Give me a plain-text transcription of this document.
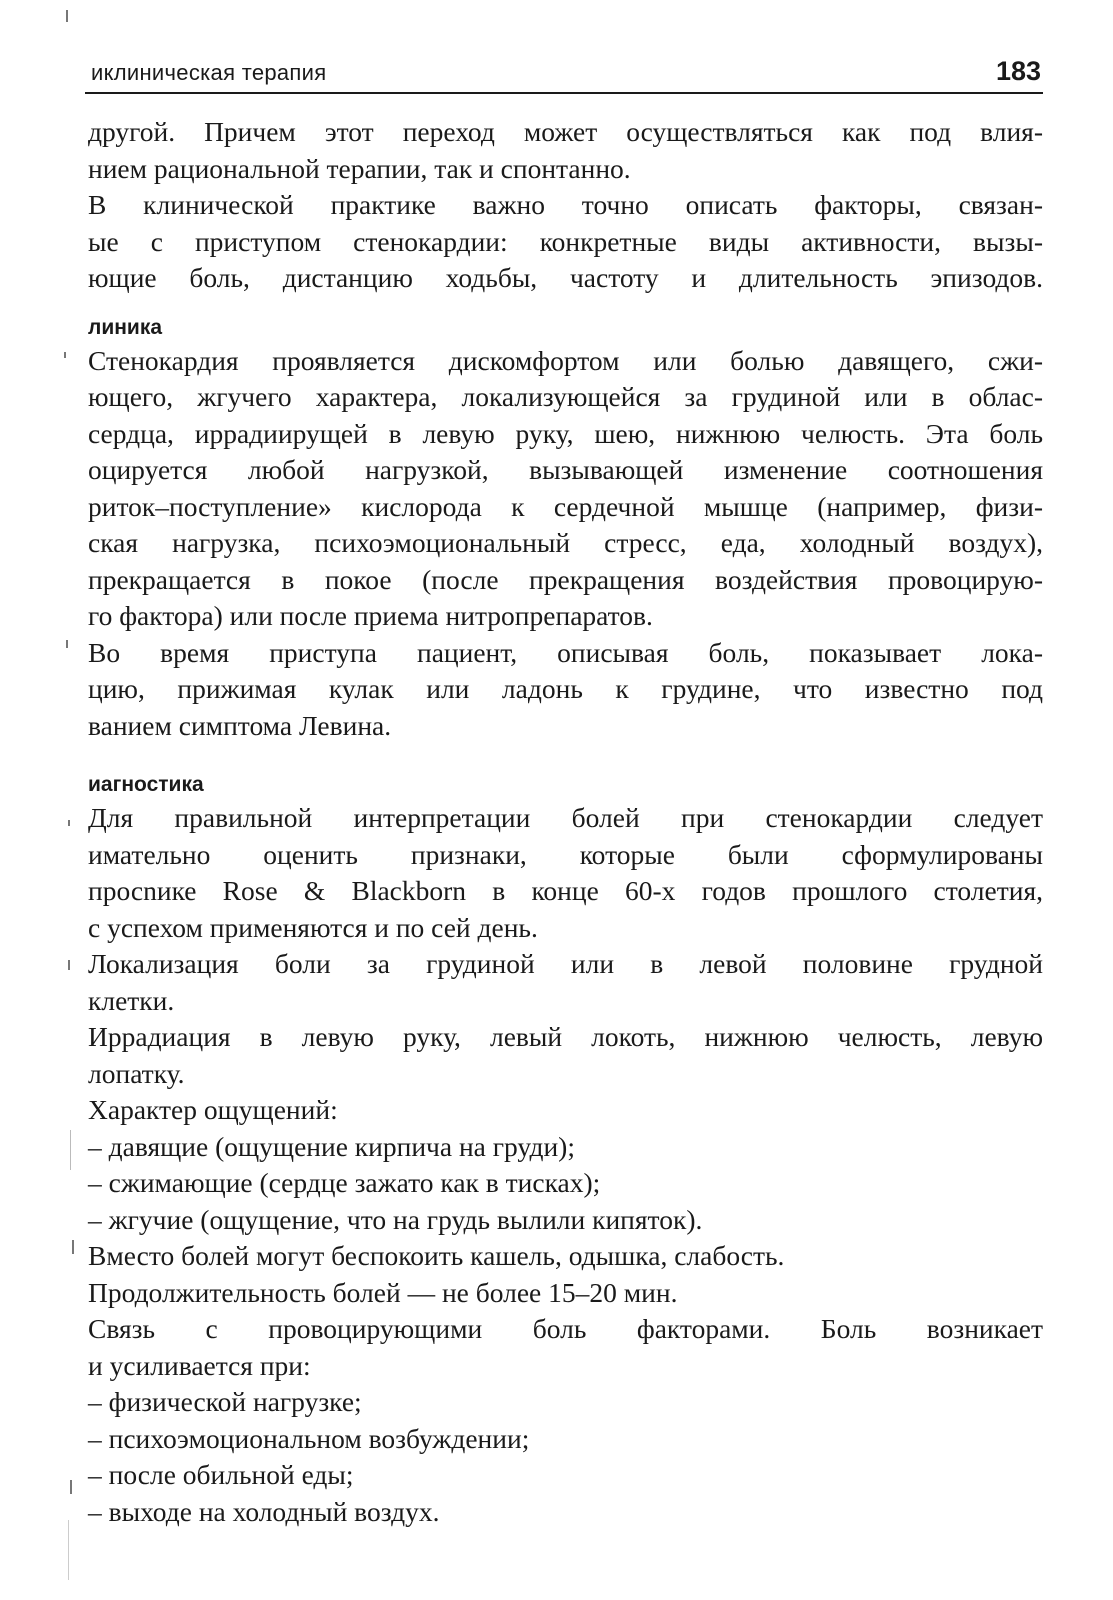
иклиническая терапия	183
другой. Причем этот переход может осуществляться как под влия-
нием рациональной терапии, так и спонтанно.
В клинической практике важно точно описать факторы, связан-
ые с приступом стенокардии: конкретные виды активности, вызы-
ющие боль, дистанцию ходьбы, частоту и длительность эпизодов.
линика
Стенокардия проявляется дискомфортом или болью давящего, сжи-
ющего, жгучего характера, локализующейся за грудиной или в облас-
сердца, иррадиирущей в левую руку, шею, нижнюю челюсть. Эта боль
оцируется любой нагрузкой, вызывающей изменение соотношения
риток–поступление» кислорода к сердечной мышце (например, физи-
ская нагрузка, психоэмоциональный стресс, еда, холодный воздух),
прекращается в покое (после прекращения воздействия провоцирую-
го фактора) или после приема нитропрепаратов.
Во время приступа пациент, описывая боль, показывает лока-
цию, прижимая кулак или ладонь к грудине, что известно под
ванием симптома Левина.
иагностика
Для правильной интерпретации болей при стенокардии следует
имательно оценить признаки, которые были сформулированы
просnике Rose & Blackborn в конце 60-х годов прошлого столетия,
с успехом применяются и по сей день.
Локализация боли за грудиной или в левой половине грудной
клетки.
Иррадиация в левую руку, левый локоть, нижнюю челюсть, левую
лопатку.
Характер ощущений:
– давящие (ощущение кирпича на груди);
– сжимающие (сердце зажато как в тисках);
– жгучие (ощущение, что на грудь вылили кипяток).
Вместо болей могут беспокоить кашель, одышка, слабость.
Продолжительность болей — не более 15–20 мин.
Связь с провоцирующими боль факторами. Боль возникает
и усиливается при:
– физической нагрузке;
– психоэмоциональном возбуждении;
– после обильной еды;
– выходе на холодный воздух.
